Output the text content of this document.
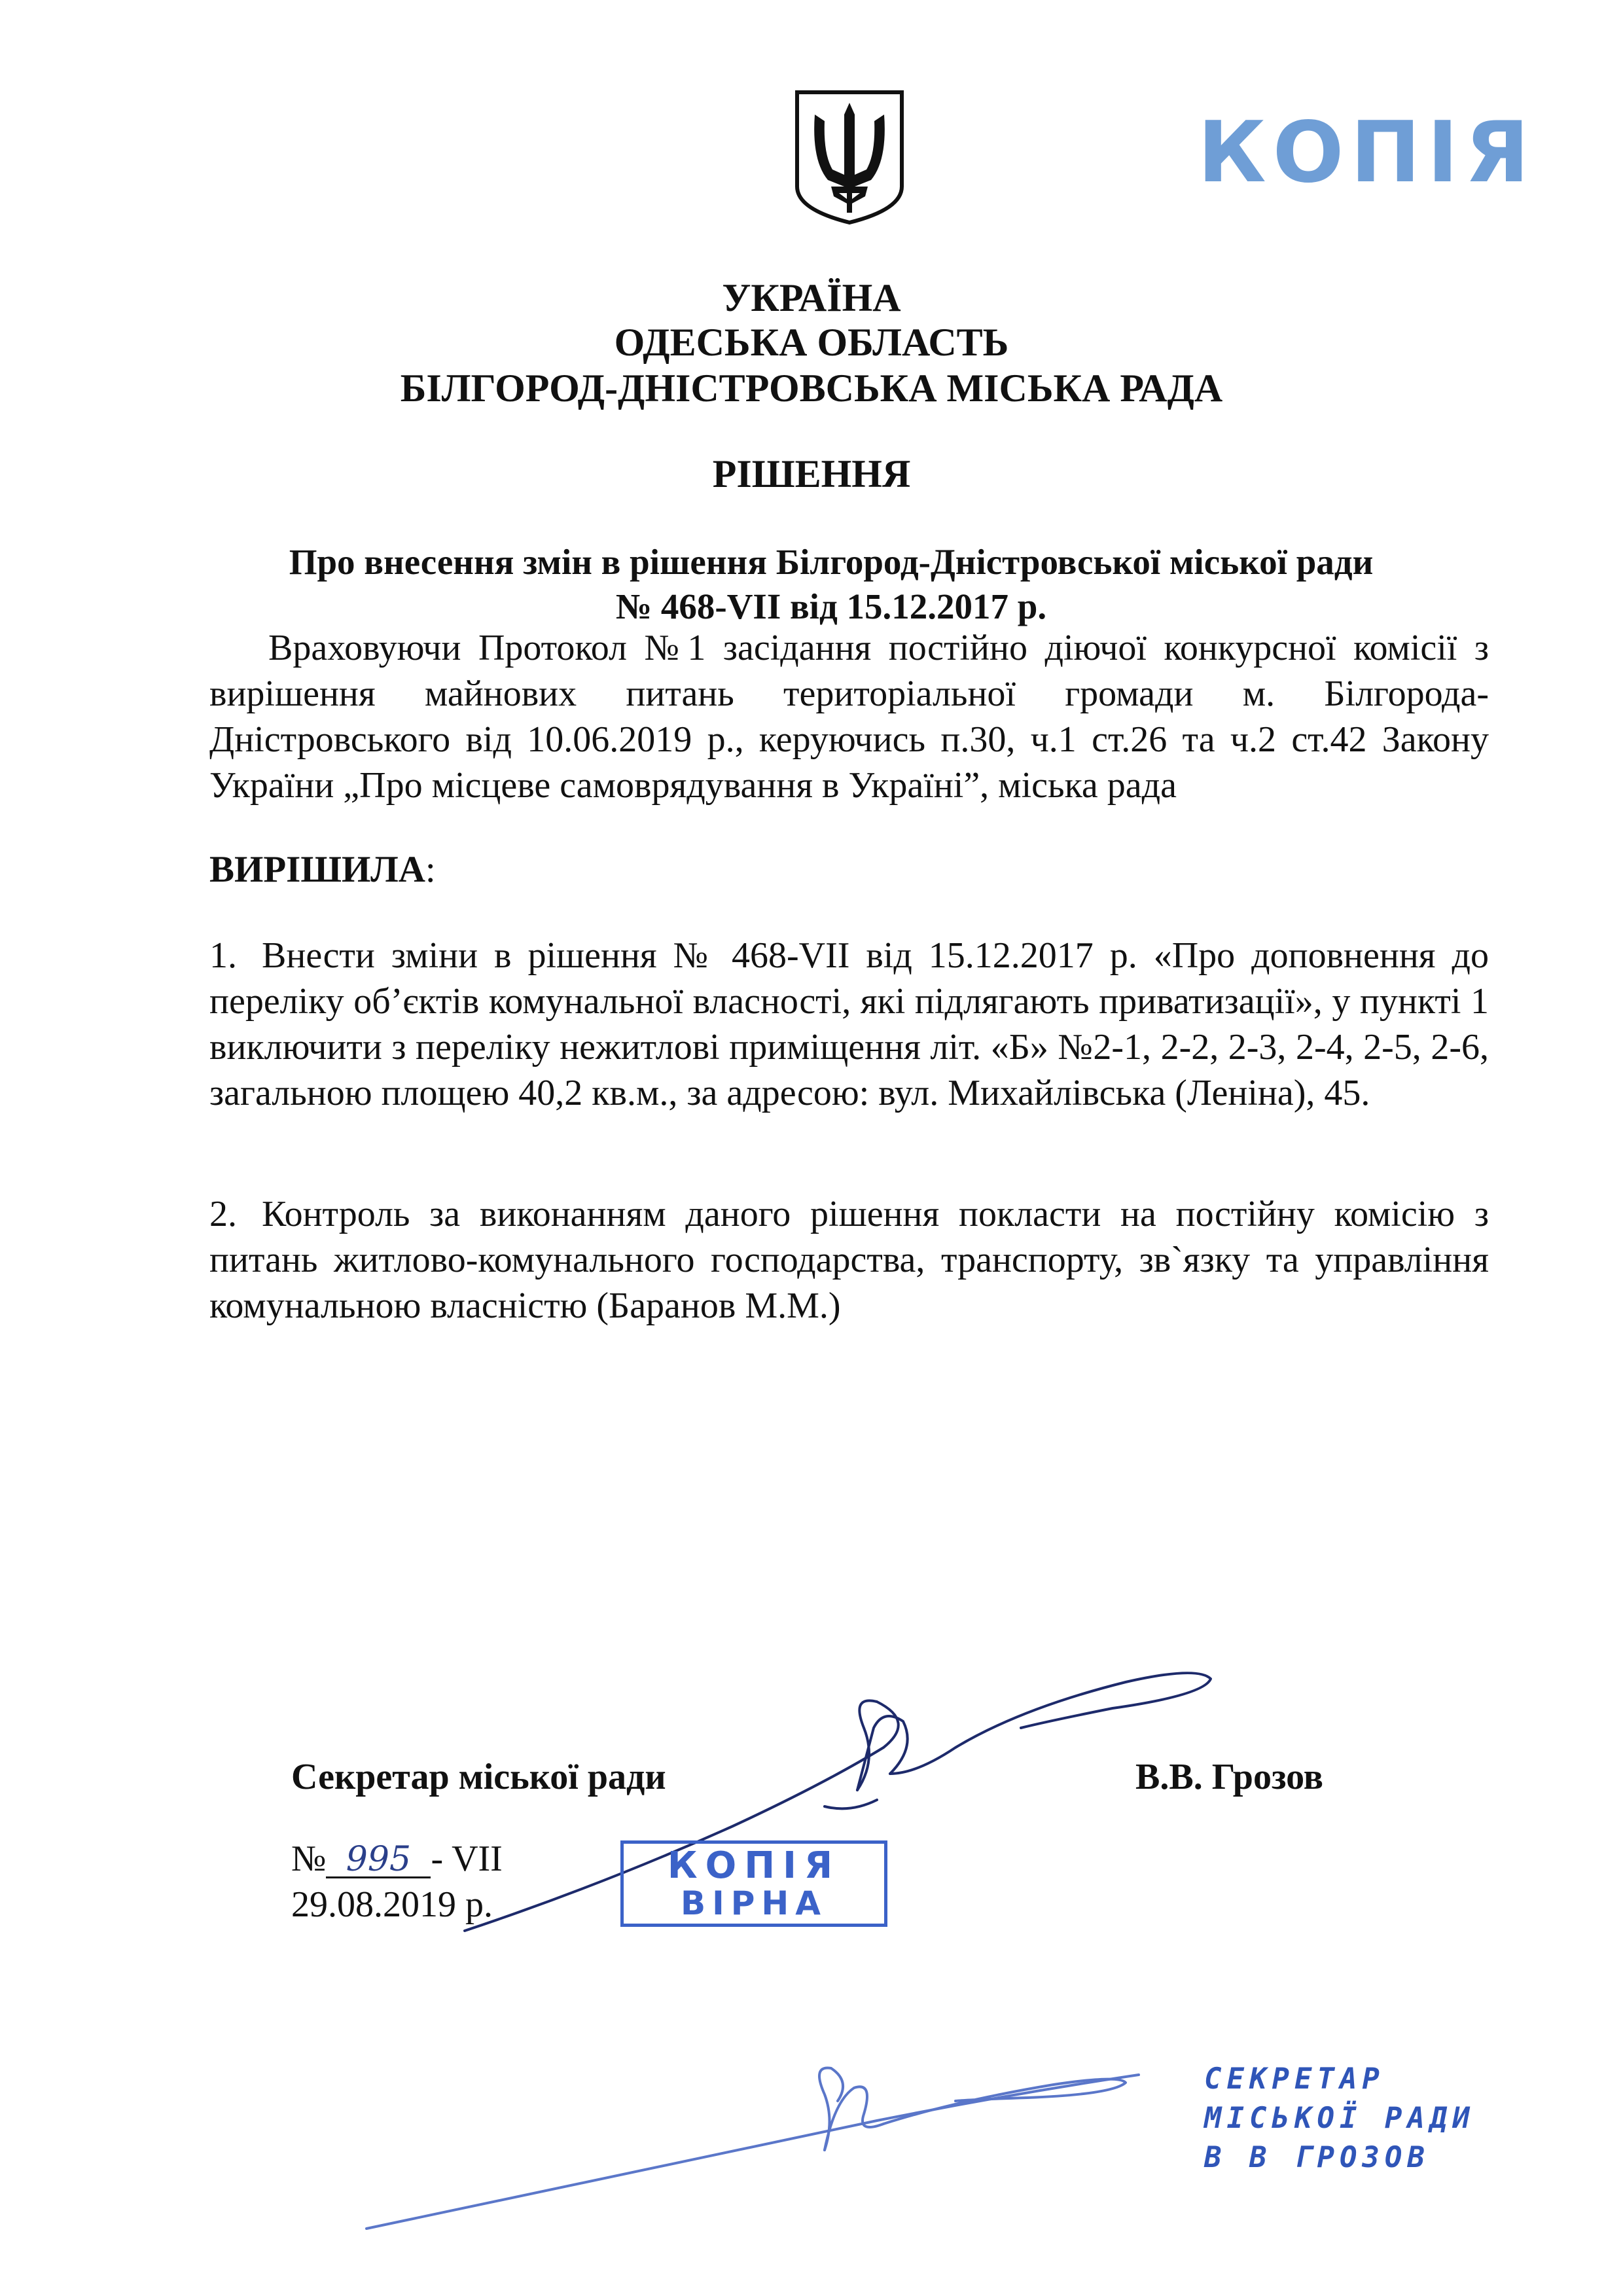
КОПІЯ
УКРАЇНА
ОДЕСЬКА ОБЛАСТЬ
БІЛГОРОД-ДНІСТРОВСЬКА МІСЬКА РАДА
РІШЕННЯ
Про внесення змін в рішення Білгород-Дністровської міської ради
№ 468-VII від 15.12.2017 р.
Враховуючи Протокол №1 засідання постійно діючої конкурсної комісії з вирішення майнових питань територіальної громади м. Білгорода-Дністровського від 10.06.2019 р., керуючись п.30, ч.1 ст.26 та ч.2 ст.42 Закону України „Про місцеве самоврядування в Україні”, міська рада
ВИРІШИЛА:
1. Внести зміни в рішення № 468-VII від 15.12.2017 р. «Про доповнення до переліку об’єктів комунальної власності, які підлягають приватизації», у пункті 1 виключити з переліку нежитлові приміщення літ. «Б» №2-1, 2-2, 2-3, 2-4, 2-5, 2-6, загальною площею 40,2 кв.м., за адресою: вул. Михайлівська (Леніна), 45.
2. Контроль за виконанням даного рішення покласти на постійну комісію з питань житлово-комунального господарства, транспорту, зв`язку та управління комунальною власністю (Баранов М.М.)
Секретар міської ради	В.В. Грозов
№ 995 - VII
29.08.2019 р.
КОПІЯ
ВІРНА
СЕКРЕТАР
МІСЬКОЇ РАДИ
В В ГРОЗОВ
